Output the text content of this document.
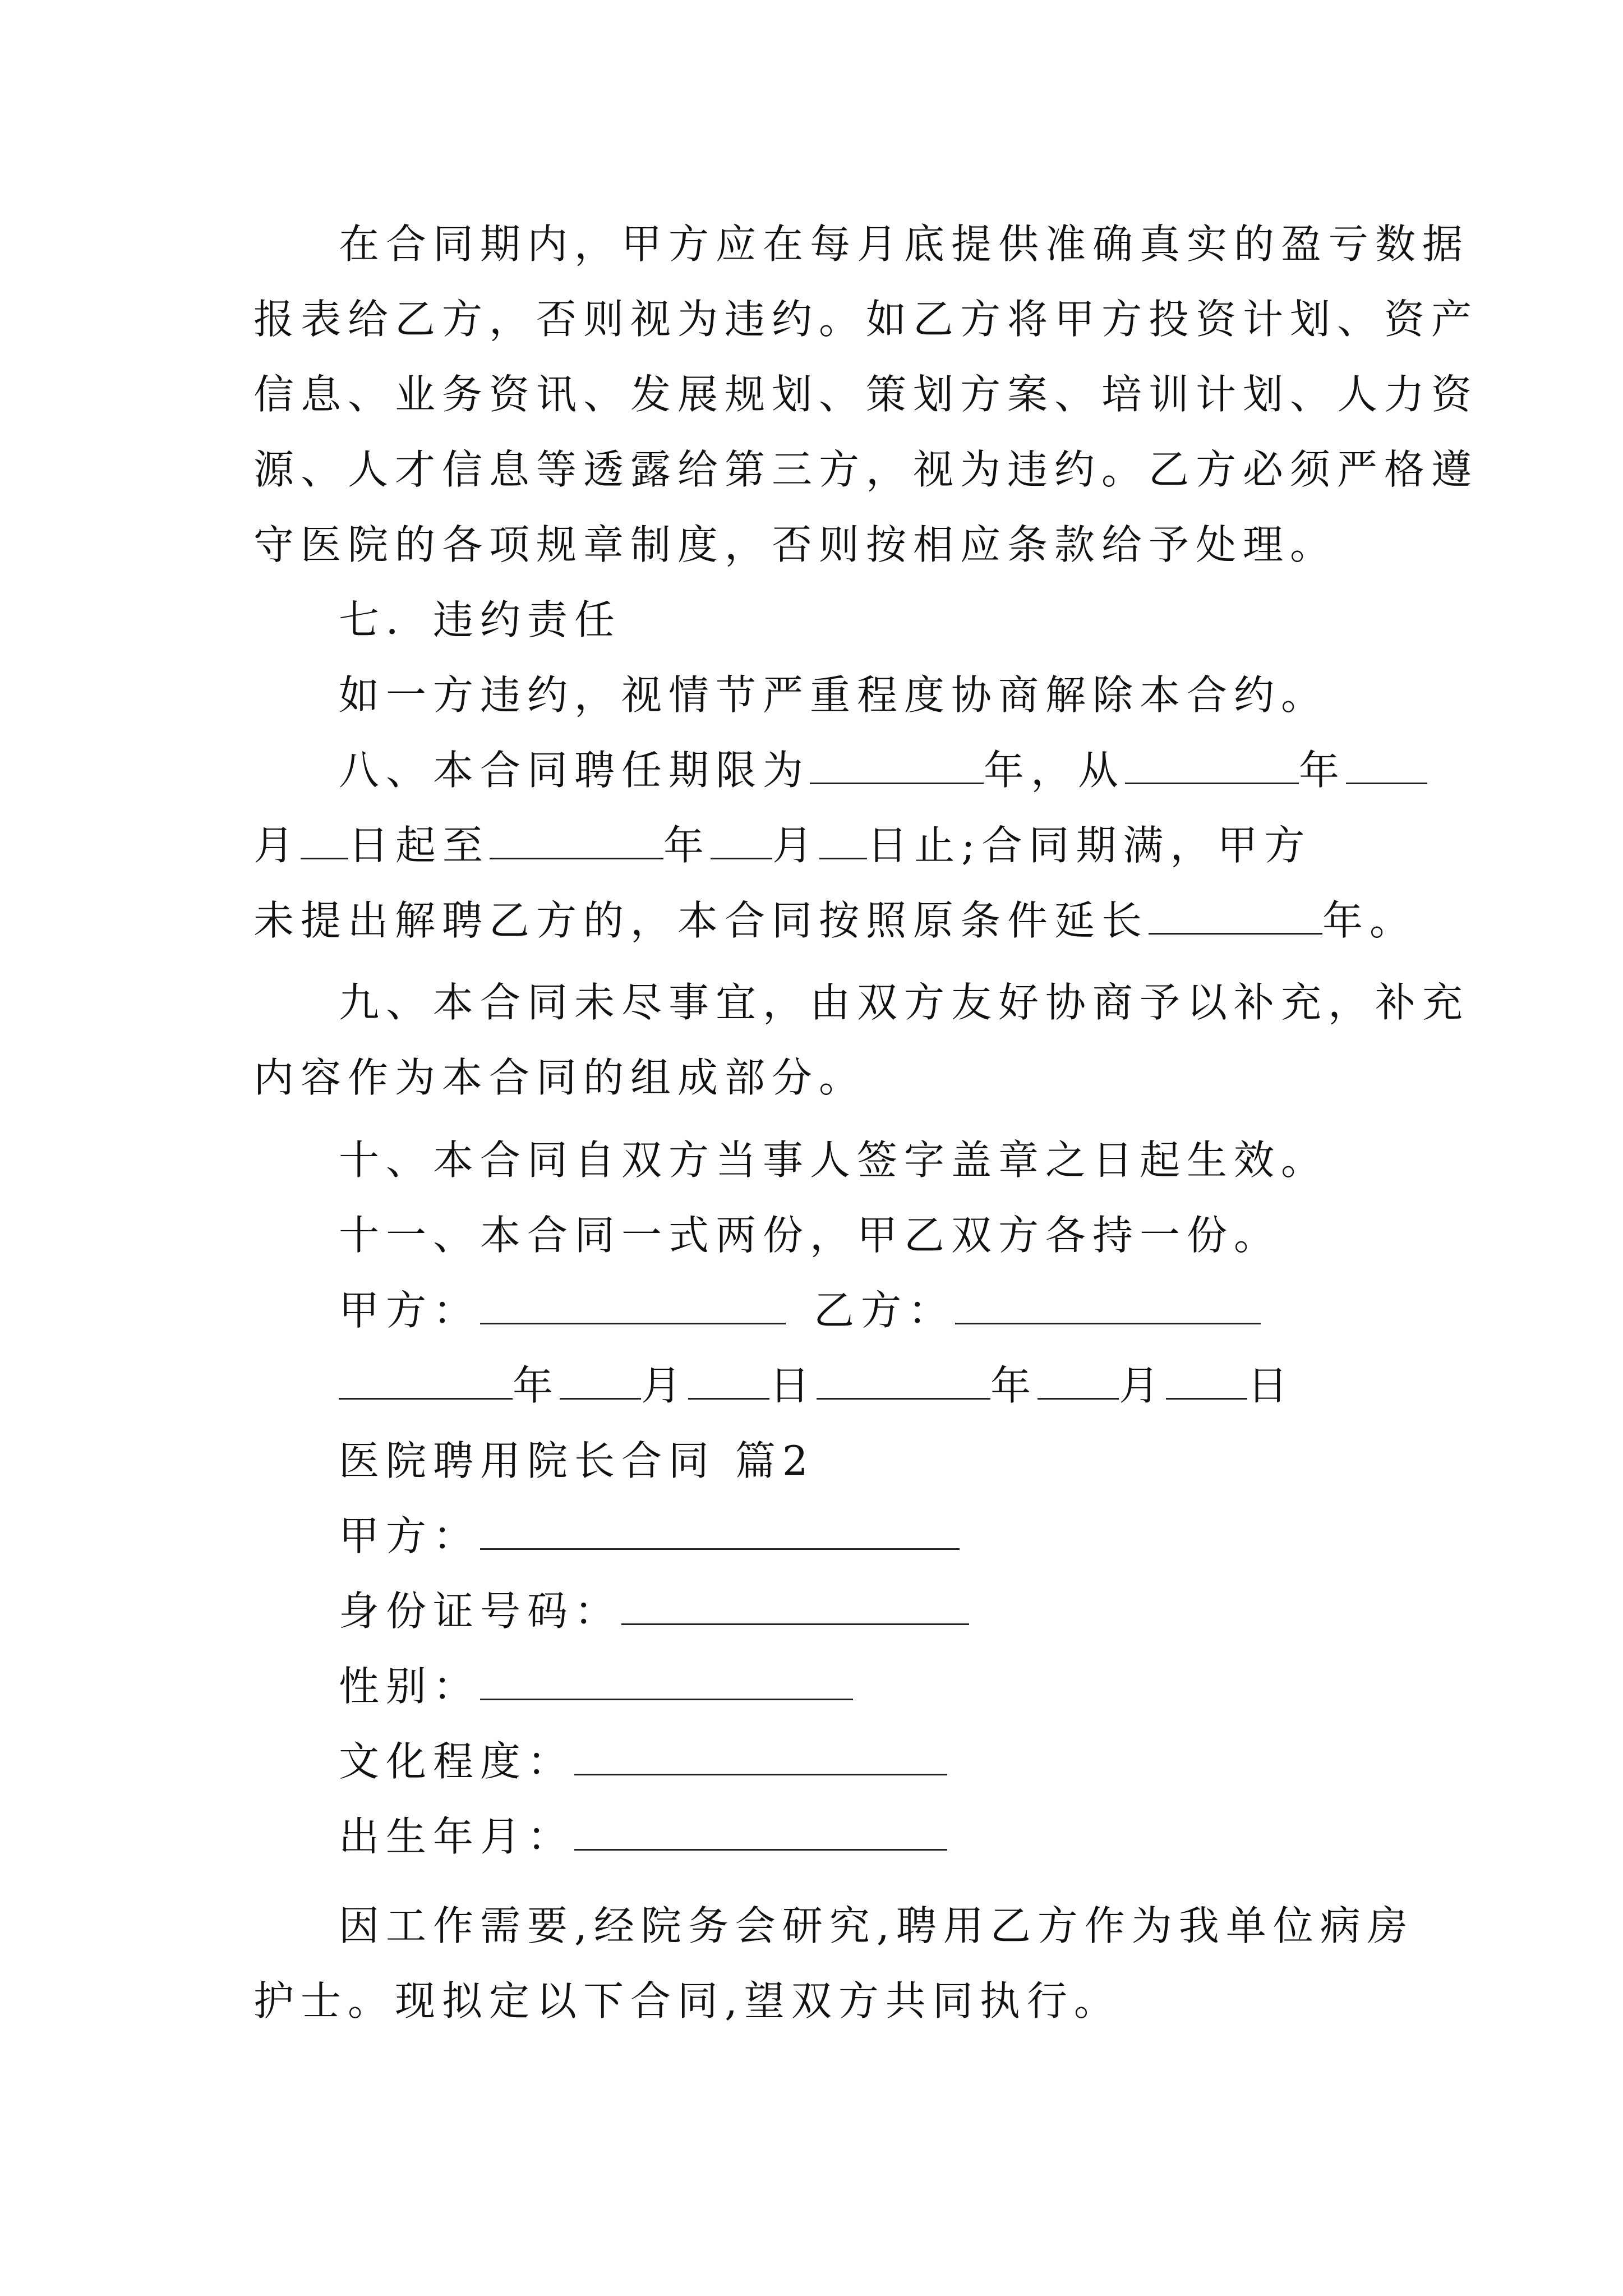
在合同期内，甲方应在每月底提供准确真实的盈亏数据
报表给乙方，否则视为违约。如乙方将甲方投资计划、资产
信息、业务资讯、发展规划、策划方案、培训计划、人力资
源、人才信息等透露给第三方，视为违约。乙方必须严格遵
守医院的各项规章制度，否则按相应条款给予处理。
七．违约责任
如一方违约，视情节严重程度协商解除本合约。
八、本合同聘任期限为	年，从	年
月 日起至	年 月 日止;合同期满，甲方
未提出解聘乙方的，本合同按照原条件延长	年。
九、本合同未尽事宜，由双方友好协商予以补充，补充
内容作为本合同的组成部分。
十、本合同自双方当事人签字盖章之日起生效。
十一、本合同一式两份，甲乙双方各持一份。
甲方：	乙方：
年 月 日	年 月 日
医院聘用院长合同 篇2
甲方：
身份证号码：
性别：
文化程度：
出生年月：
因工作需要,经院务会研究,聘用乙方作为我单位病房
护士。现拟定以下合同,望双方共同执行。
